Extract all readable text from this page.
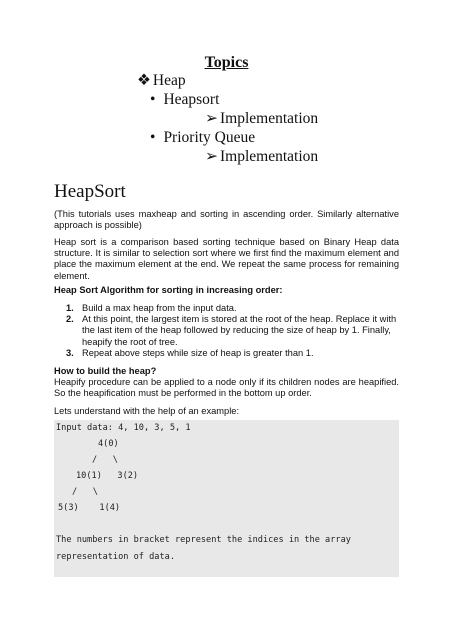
Topics
❖ Heap
• Heapsort
➢ Implementation
• Priority Queue
➢ Implementation
HeapSort

(This tutorials uses maxheap and sorting in ascending order. Similarly alternative approach is possible)

Heap sort is a comparison based sorting technique based on Binary Heap data structure. It is similar to selection sort where we first find the maximum element and place the maximum element at the end. We repeat the same process for remaining element.

Heap Sort Algorithm for sorting in increasing order:

1. Build a max heap from the input data.
2. At this point, the largest item is stored at the root of the heap. Replace it with the last item of the heap followed by reducing the size of heap by 1. Finally, heapify the root of tree.
3. Repeat above steps while size of heap is greater than 1.

How to build the heap?

Heapify procedure can be applied to a node only if its children nodes are heapified. So the heapification must be performed in the bottom up order.

Lets understand with the help of an example:

Input data: 4, 10, 3, 5, 1
4(0)
/   \
10(1)   3(2)
/   \
5(3)    1(4)
The numbers in bracket represent the indices in the array
representation of data.
